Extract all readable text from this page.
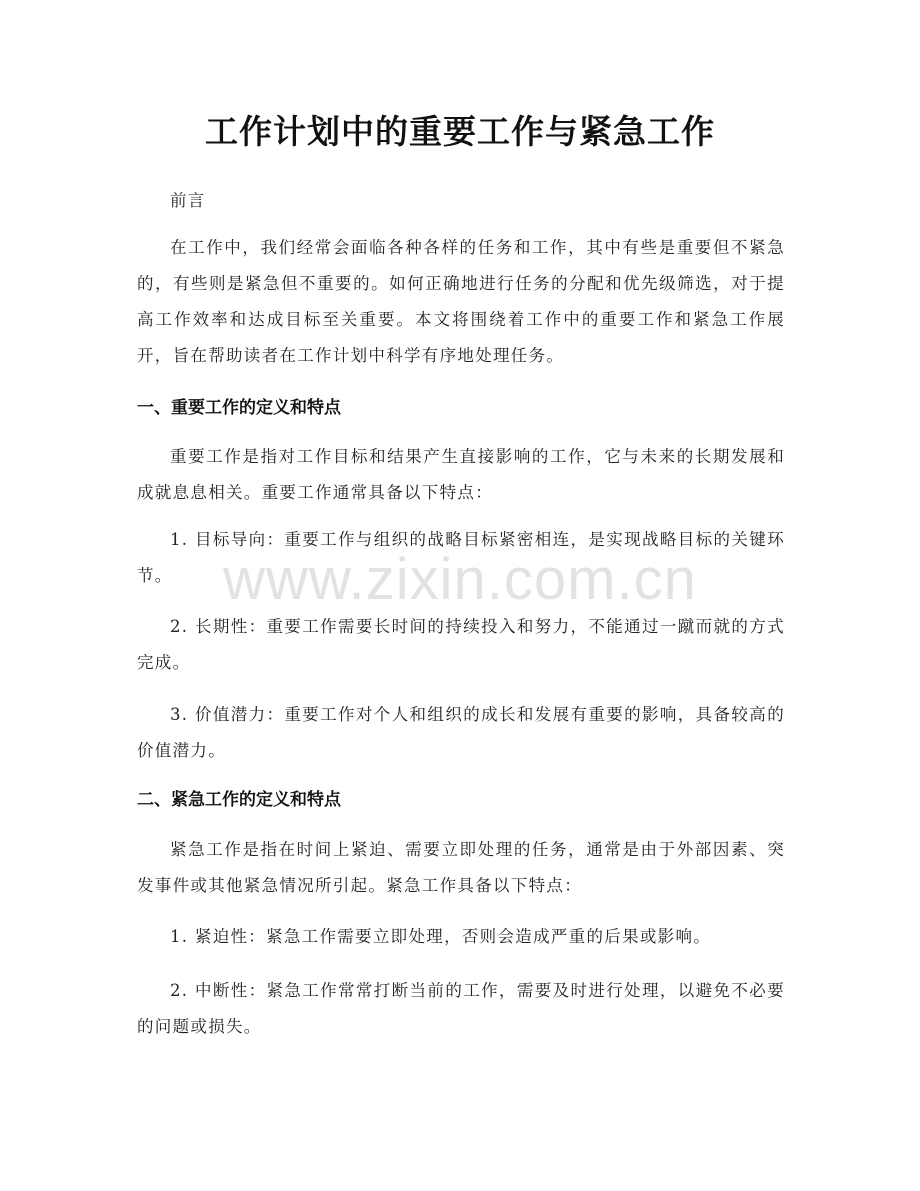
工作计划中的重要工作与紧急工作
前言
在工作中，我们经常会面临各种各样的任务和工作，其中有些是重要但不紧急的，有些则是紧急但不重要的。如何正确地进行任务的分配和优先级筛选，对于提高工作效率和达成目标至关重要。本文将围绕着工作中的重要工作和紧急工作展开，旨在帮助读者在工作计划中科学有序地处理任务。
一、重要工作的定义和特点
重要工作是指对工作目标和结果产生直接影响的工作，它与未来的长期发展和成就息息相关。重要工作通常具备以下特点：
1. 目标导向：重要工作与组织的战略目标紧密相连，是实现战略目标的关键环节。
2. 长期性：重要工作需要长时间的持续投入和努力，不能通过一蹴而就的方式完成。
3. 价值潜力：重要工作对个人和组织的成长和发展有重要的影响，具备较高的价值潜力。
二、紧急工作的定义和特点
紧急工作是指在时间上紧迫、需要立即处理的任务，通常是由于外部因素、突发事件或其他紧急情况所引起。紧急工作具备以下特点：
1. 紧迫性：紧急工作需要立即处理，否则会造成严重的后果或影响。
2. 中断性：紧急工作常常打断当前的工作，需要及时进行处理，以避免不必要的问题或损失。
www.zixin.com.cn
